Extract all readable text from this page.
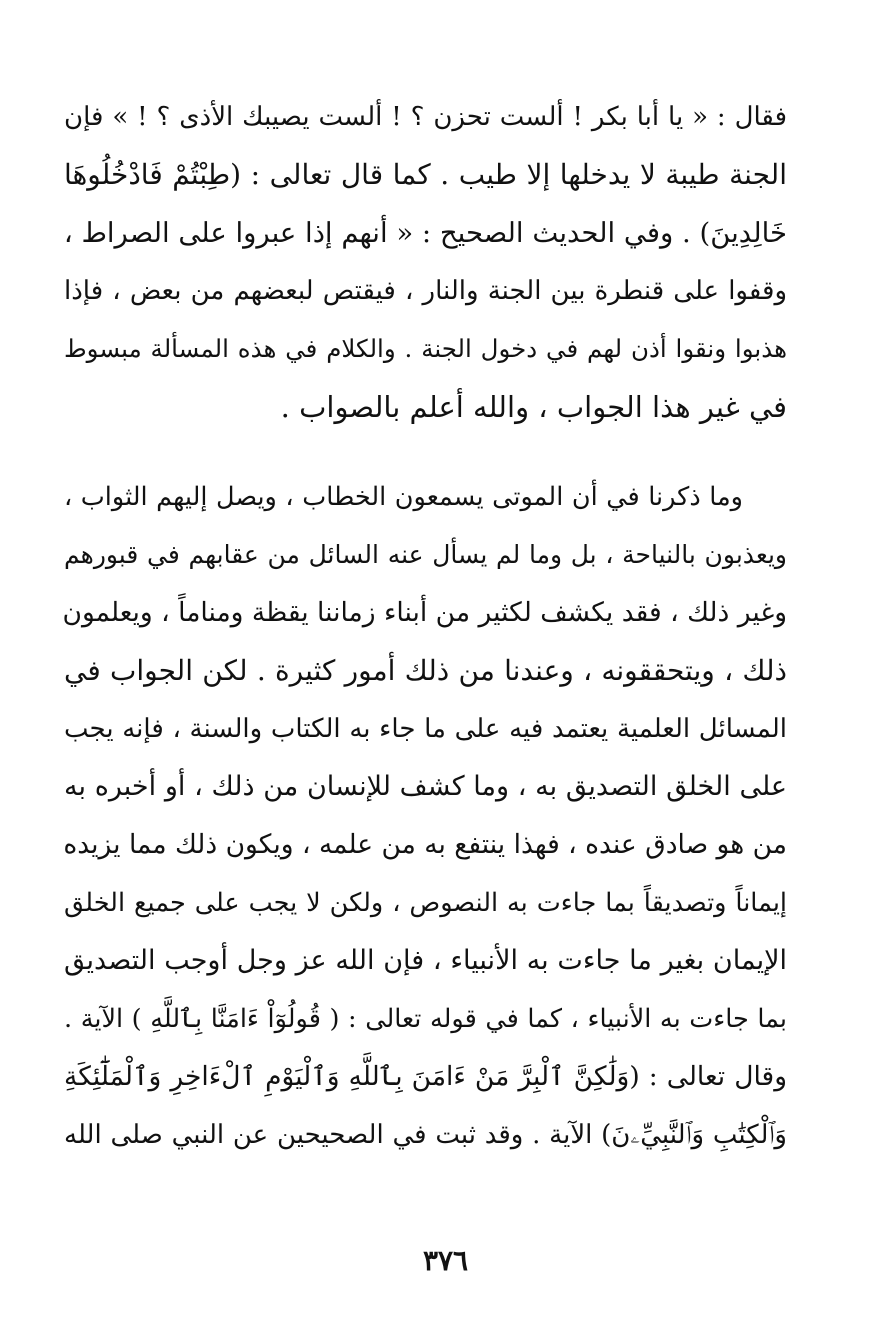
فقال : « يا أبا بكر ! ألست تحزن ؟ ! ألست يصيبك الأذى ؟ ! » فإن
الجنة طيبة لا يدخلها إلا طيب . كما قال تعالى : (طِبْتُمْ فَادْخُلُوهَا
خَالِدِينَ) . وفي الحديث الصحيح : « أنهم إذا عبروا على الصراط ،
وقفوا على قنطرة بين الجنة والنار ، فيقتص لبعضهم من بعض ، فإذا
هذبوا ونقوا أذن لهم في دخول الجنة . والكلام في هذه المسألة مبسوط
في غير هذا الجواب ، والله أعلم بالصواب .
وما ذكرنا في أن الموتى يسمعون الخطاب ، ويصل إليهم الثواب ،
ويعذبون بالنياحة ، بل وما لم يسأل عنه السائل من عقابهم في قبورهم
وغير ذلك ، فقد يكشف لكثير من أبناء زماننا يقظة ومناماً ، ويعلمون
ذلك ، ويتحققونه ، وعندنا من ذلك أمور كثيرة . لكن الجواب في
المسائل العلمية يعتمد فيه على ما جاء به الكتاب والسنة ، فإنه يجب
على الخلق التصديق به ، وما كشف للإنسان من ذلك ، أو أخبره به
من هو صادق عنده ، فهذا ينتفع به من علمه ، ويكون ذلك مما يزيده
إيماناً وتصديقاً بما جاءت به النصوص ، ولكن لا يجب على جميع الخلق
الإيمان بغير ما جاءت به الأنبياء ، فإن الله عز وجل أوجب التصديق
بما جاءت به الأنبياء ، كما في قوله تعالى : ( قُولُوٓاْ ءَامَنَّا بِٱللَّهِ ) الآية .
وقال تعالى : (وَلَٰكِنَّ ٱلْبِرَّ مَنْ ءَامَنَ بِٱللَّهِ وَٱلْيَوْمِ ٱلْءَاخِرِ وَٱلْمَلَٰٓئِكَةِ
وَٱلْكِتَٰبِ وَٱلنَّبِيِّۦنَ) الآية . وقد ثبت في الصحيحين عن النبي صلى الله
٣٧٦
